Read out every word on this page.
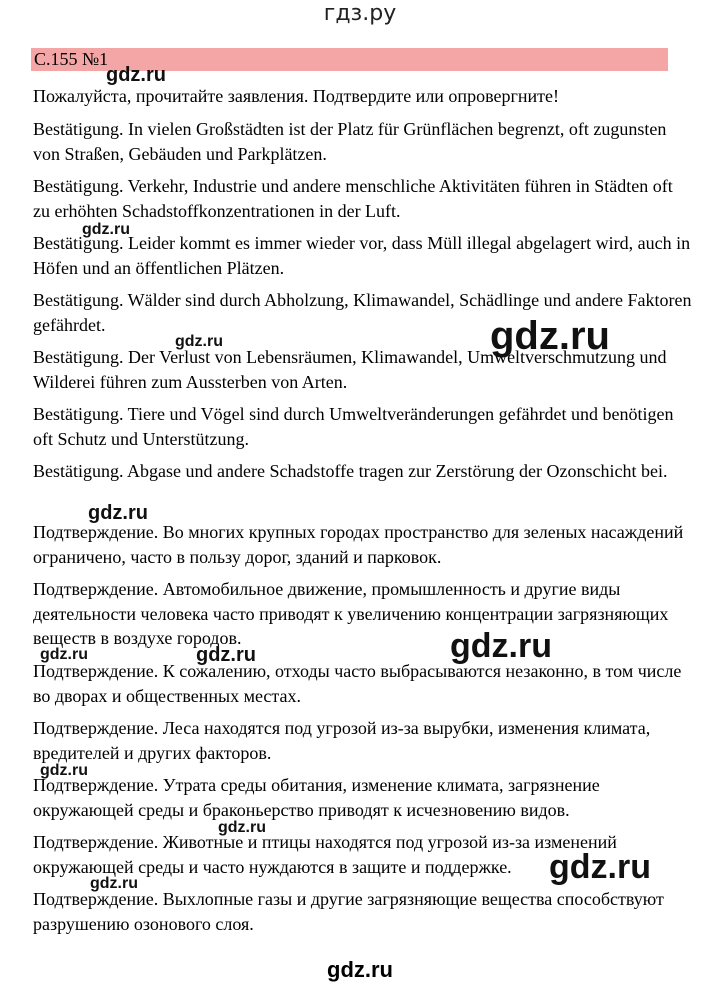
гдз.ру
С.155 №1
Пожалуйста, прочитайте заявления. Подтвердите или опровергните!
Bestätigung. In vielen Großstädten ist der Platz für Grünflächen begrenzt, oft zugunsten von Straßen, Gebäuden und Parkplätzen.
Bestätigung. Verkehr, Industrie und andere menschliche Aktivitäten führen in Städten oft zu erhöhten Schadstoffkonzentrationen in der Luft.
Bestätigung. Leider kommt es immer wieder vor, dass Müll illegal abgelagert wird, auch in Höfen und an öffentlichen Plätzen.
Bestätigung. Wälder sind durch Abholzung, Klimawandel, Schädlinge und andere Faktoren gefährdet.
Bestätigung. Der Verlust von Lebensräumen, Klimawandel, Umweltverschmutzung und Wilderei führen zum Aussterben von Arten.
Bestätigung. Tiere und Vögel sind durch Umweltveränderungen gefährdet und benötigen oft Schutz und Unterstützung.
Bestätigung. Abgase und andere Schadstoffe tragen zur Zerstörung der Ozonschicht bei.
Подтверждение. Во многих крупных городах пространство для зеленых насаждений ограничено, часто в пользу дорог, зданий и парковок.
Подтверждение. Автомобильное движение, промышленность и другие виды деятельности человека часто приводят к увеличению концентрации загрязняющих веществ в воздухе городов.
Подтверждение. К сожалению, отходы часто выбрасываются незаконно, в том числе во дворах и общественных местах.
Подтверждение. Леса находятся под угрозой из-за вырубки, изменения климата, вредителей и других факторов.
Подтверждение. Утрата среды обитания, изменение климата, загрязнение окружающей среды и браконьерство приводят к исчезновению видов.
Подтверждение. Животные и птицы находятся под угрозой из-за изменений окружающей среды и часто нуждаются в защите и поддержке.
Подтверждение. Выхлопные газы и другие загрязняющие вещества способствуют разрушению озонового слоя.
gdz.ru
gdz.ru
gdz.ru	gdz.ru
gdz.ru
gdz.ru
gdz.ru	gdz.ru
gdz.ru
gdz.ru
gdz.ru
gdz.ru
gdz.ru
